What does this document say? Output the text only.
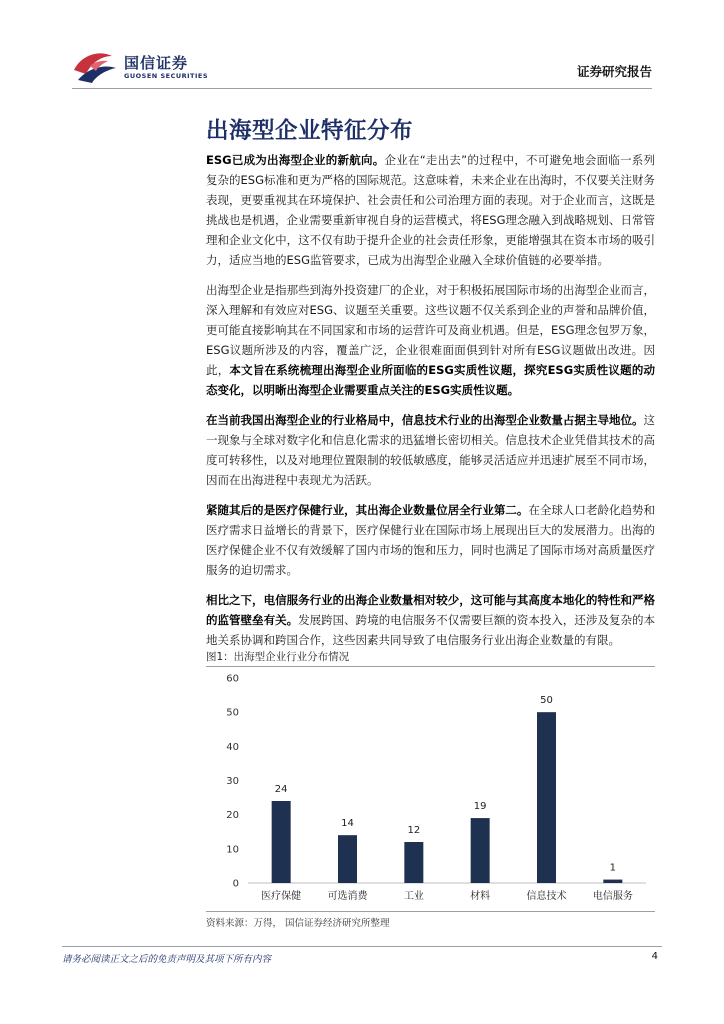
国信证券
GUOSEN SECURITIES	证券研究报告
出海型企业特征分布

ESG已成为出海型企业的新航向。企业在“走出去”的过程中，不可避免地会面临一系列复杂的ESG标准和更为严格的国际规范。这意味着，未来企业在出海时，不仅要关注财务表现，更要重视其在环境保护、社会责任和公司治理方面的表现。对于企业而言，这既是挑战也是机遇，企业需要重新审视自身的运营模式，将ESG理念融入到战略规划、日常管理和企业文化中，这不仅有助于提升企业的社会责任形象，更能增强其在资本市场的吸引力，适应当地的ESG监管要求，已成为出海型企业融入全球价值链的必要举措。

出海型企业是指那些到海外投资建厂的企业，对于积极拓展国际市场的出海型企业而言，深入理解和有效应对ESG、议题至关重要。这些议题不仅关系到企业的声誉和品牌价值，更可能直接影响其在不同国家和市场的运营许可及商业机遇。但是，ESG理念包罗万象，ESG议题所涉及的内容，覆盖广泛，企业很难面面俱到针对所有ESG议题做出改进。因此，本文旨在系统梳理出海型企业所面临的ESG实质性议题，探究ESG实质性议题的动态变化，以明晰出海型企业需要重点关注的ESG实质性议题。

在当前我国出海型企业的行业格局中，信息技术行业的出海型企业数量占据主导地位。这一现象与全球对数字化和信息化需求的迅猛增长密切相关。信息技术企业凭借其技术的高度可转移性，以及对地理位置限制的较低敏感度，能够灵活适应并迅速扩展至不同市场，因而在出海进程中表现尤为活跃。

紧随其后的是医疗保健行业，其出海企业数量位居全行业第二。在全球人口老龄化趋势和医疗需求日益增长的背景下，医疗保健行业在国际市场上展现出巨大的发展潜力。出海的医疗保健企业不仅有效缓解了国内市场的饱和压力，同时也满足了国际市场对高质量医疗服务的迫切需求。

相比之下，电信服务行业的出海企业数量相对较少，这可能与其高度本地化的特性和严格的监管壁垒有关。发展跨国、跨境的电信服务不仅需要巨额的资本投入，还涉及复杂的本地关系协调和跨国合作，这些因素共同导致了电信服务行业出海企业数量的有限。

图1：出海型企业行业分布情况
0
10
20
30
40
50
60
24
医疗保健
14
可选消费
12
工业
19
材料
50
信息技术
1
电信服务
资料来源：万得， 国信证券经济研究所整理
请务必阅读正文之后的免责声明及其项下所有内容	4
